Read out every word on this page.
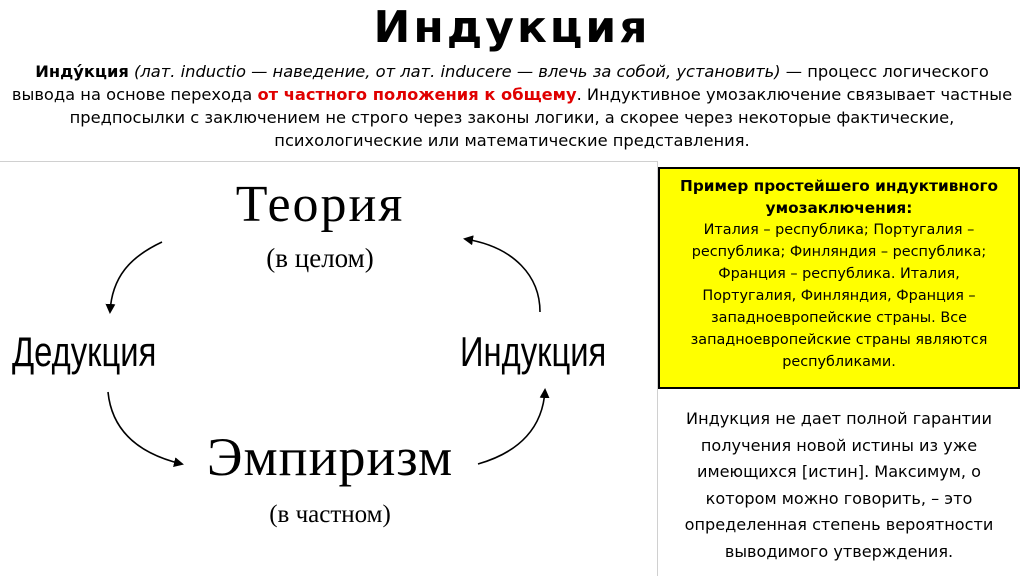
Индукция
Инду́кция (лат. inductio — наведение, от лат. inducere — влечь за собой, установить) — процесс логического вывода на основе перехода от частного положения к общему. Индуктивное умозаключение связывает частные предпосылки с заключением не строго через законы логики, а скорее через некоторые фактические, психологические или математические представления.
Теория
(в целом)
Дедукция	Индукция
Эмпиризм
(в частном)
Пример простейшего индуктивного умозаключения:
Италия – республика; Португалия – республика; Финляндия – республика; Франция – республика. Италия, Португалия, Финляндия, Франция – западноевропейские страны. Все западноевропейские страны являются республиками.
Индукция не дает полной гарантии получения новой истины из уже имеющихся [истин]. Максимум, о котором можно говорить, – это определенная степень вероятности выводимого утверждения.
